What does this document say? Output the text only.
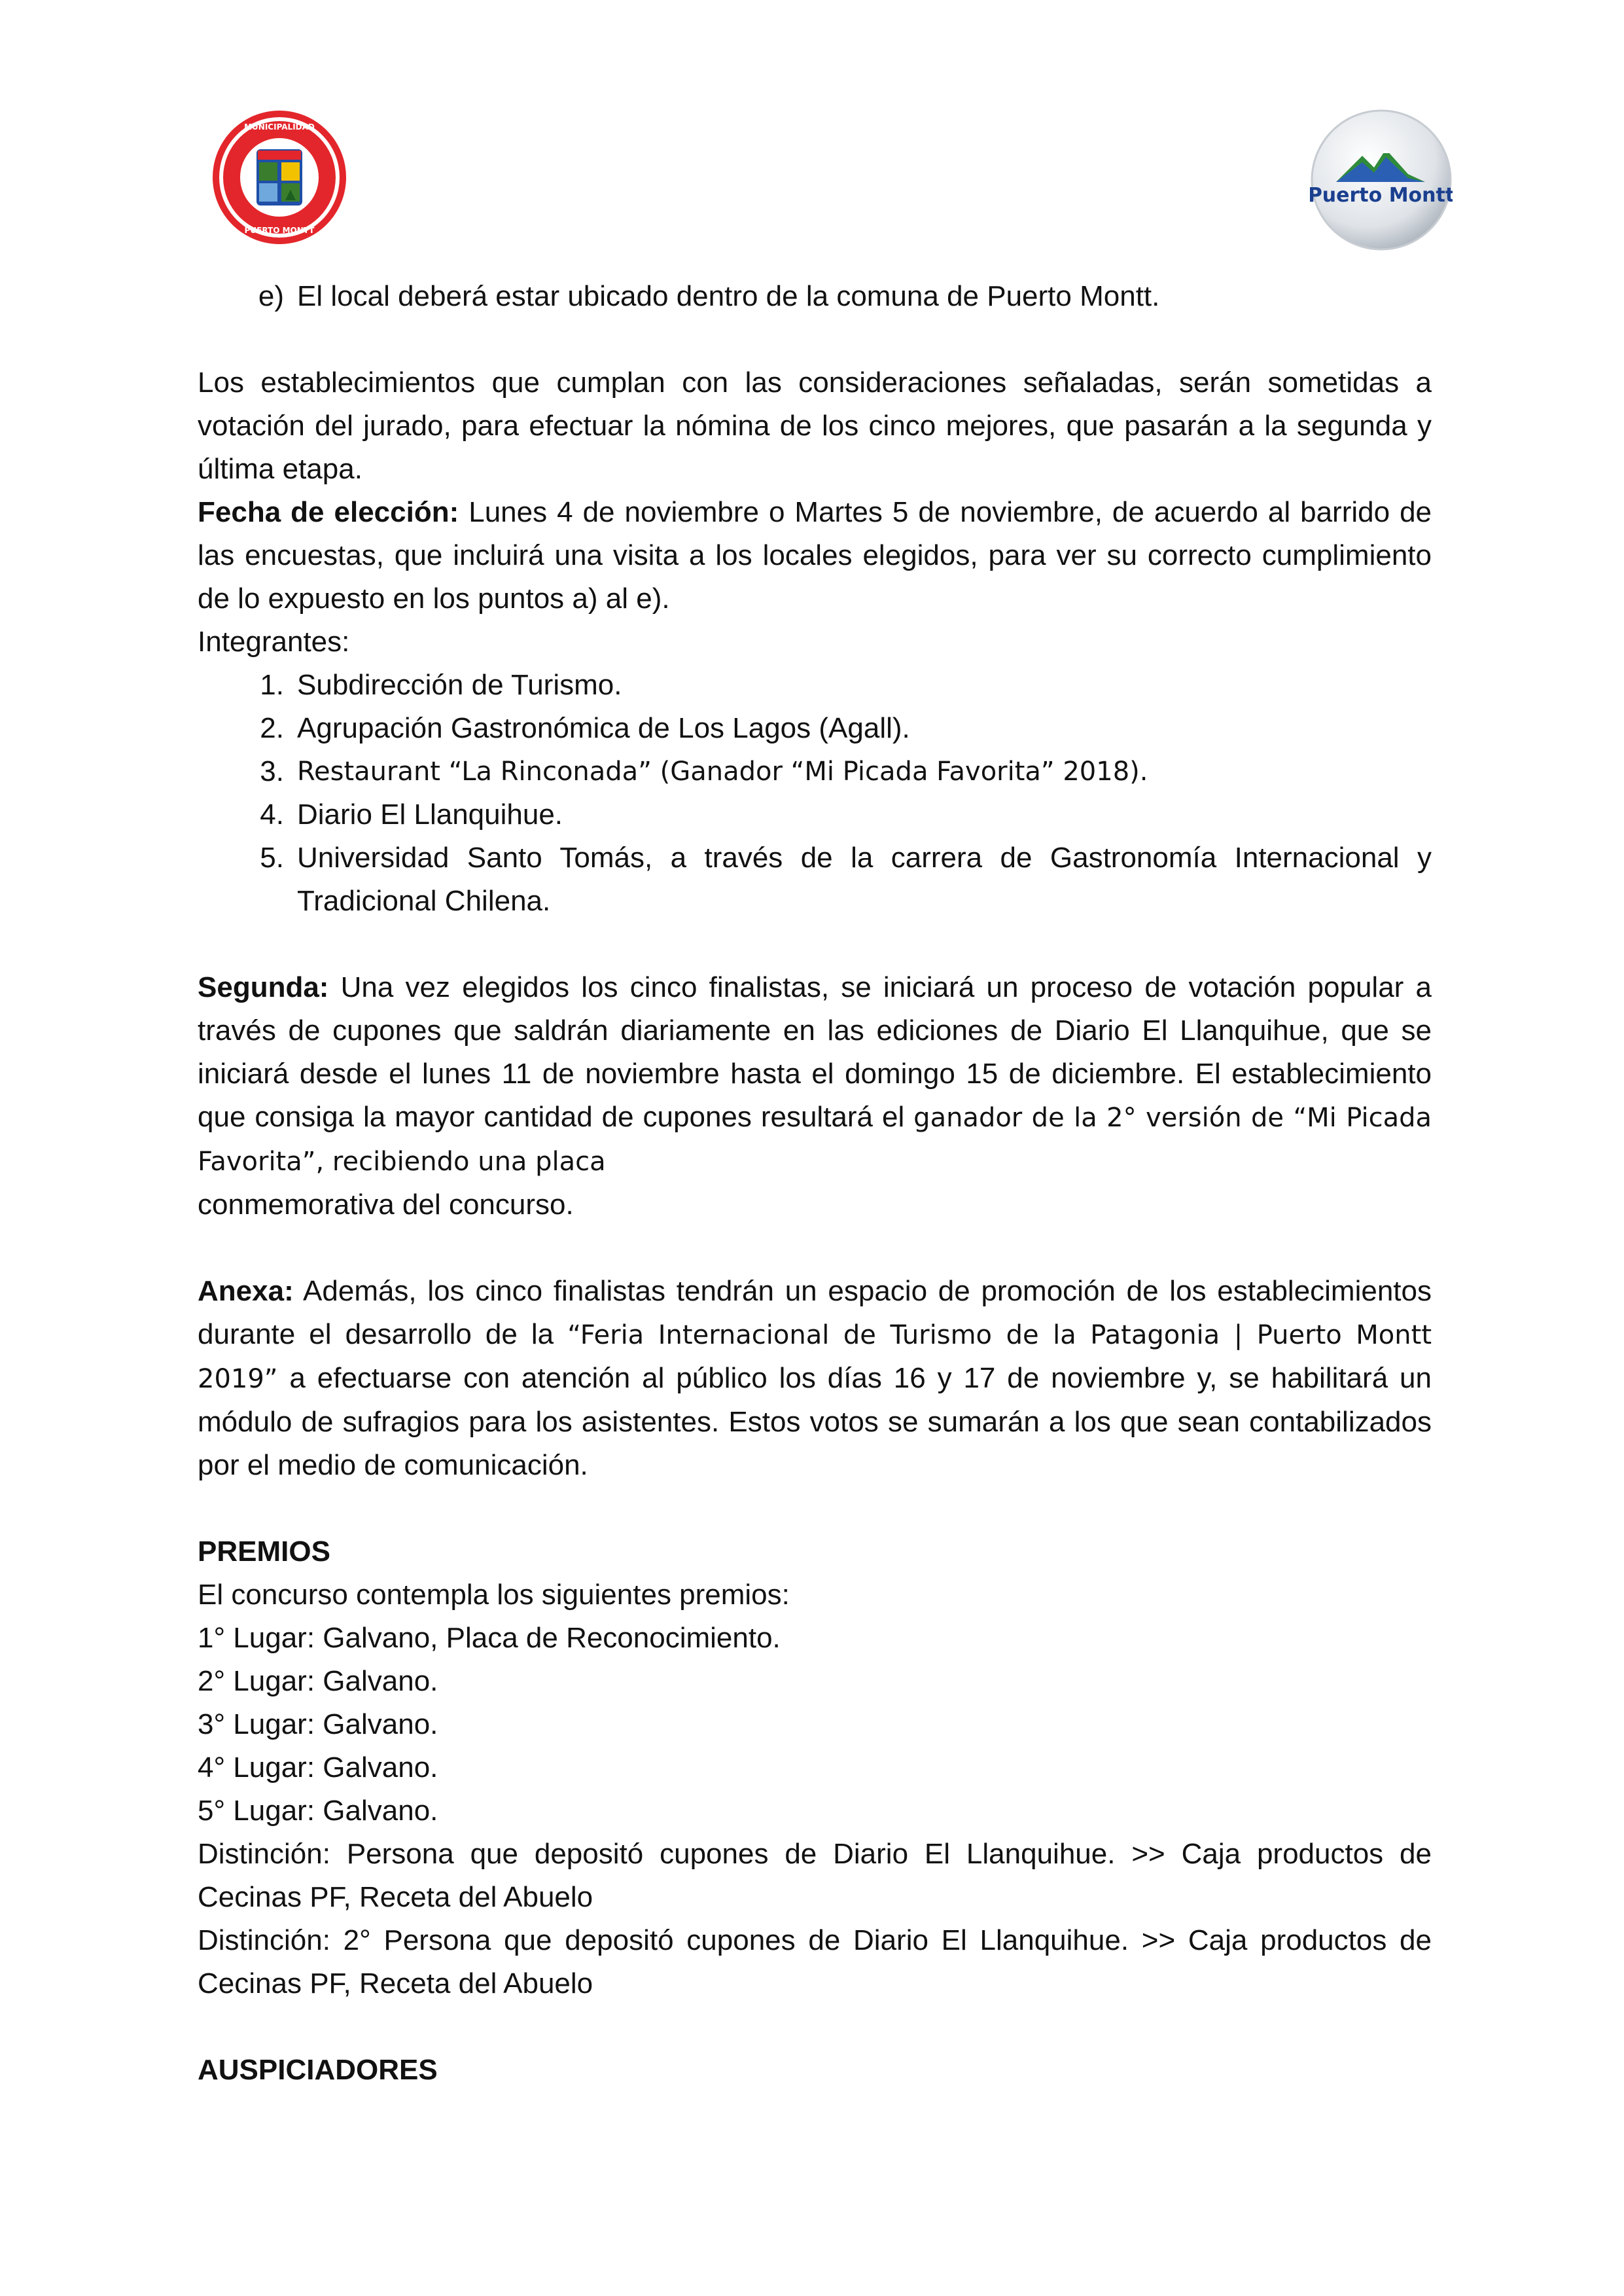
MUNICIPALIDAD
PUERTO MONTT
Puerto Montt
e) El local deberá estar ubicado dentro de la comuna de Puerto Montt.

Los establecimientos que cumplan con las consideraciones señaladas, serán sometidas a votación del jurado, para efectuar la nómina de los cinco mejores, que pasarán a la segunda y última etapa.

Fecha de elección: Lunes 4 de noviembre o Martes 5 de noviembre, de acuerdo al barrido de las encuestas, que incluirá una visita a los locales elegidos, para ver su correcto cumplimiento de lo expuesto en los puntos a) al e).

Integrantes:

1. Subdirección de Turismo.
2. Agrupación Gastronómica de Los Lagos (Agall).
3. Restaurant “La Rinconada” (Ganador “Mi Picada Favorita” 2018).
4. Diario El Llanquihue.
5. Universidad Santo Tomás, a través de la carrera de Gastronomía Internacional y Tradicional Chilena.

Segunda: Una vez elegidos los cinco finalistas, se iniciará un proceso de votación popular a través de cupones que saldrán diariamente en las ediciones de Diario El Llanquihue, que se iniciará desde el lunes 11 de noviembre hasta el domingo 15 de diciembre. El establecimiento que consiga la mayor cantidad de cupones resultará el ganador de la 2° versión de “Mi Picada Favorita”, recibiendo una placa

conmemorativa del concurso.

Anexa: Además, los cinco finalistas tendrán un espacio de promoción de los establecimientos durante el desarrollo de la “Feria Internacional de Turismo de la Patagonia | Puerto Montt 2019” a efectuarse con atención al público los días 16 y 17 de noviembre y, se habilitará un módulo de sufragios para los asistentes. Estos votos se sumarán a los que sean contabilizados por el medio de comunicación.

PREMIOS

El concurso contempla los siguientes premios:

1° Lugar: Galvano, Placa de Reconocimiento.

2° Lugar: Galvano.

3° Lugar: Galvano.

4° Lugar: Galvano.

5° Lugar: Galvano.

Distinción: Persona que depositó cupones de Diario El Llanquihue. >> Caja productos de Cecinas PF, Receta del Abuelo

Distinción: 2° Persona que depositó cupones de Diario El Llanquihue. >> Caja productos de Cecinas PF, Receta del Abuelo

AUSPICIADORES
